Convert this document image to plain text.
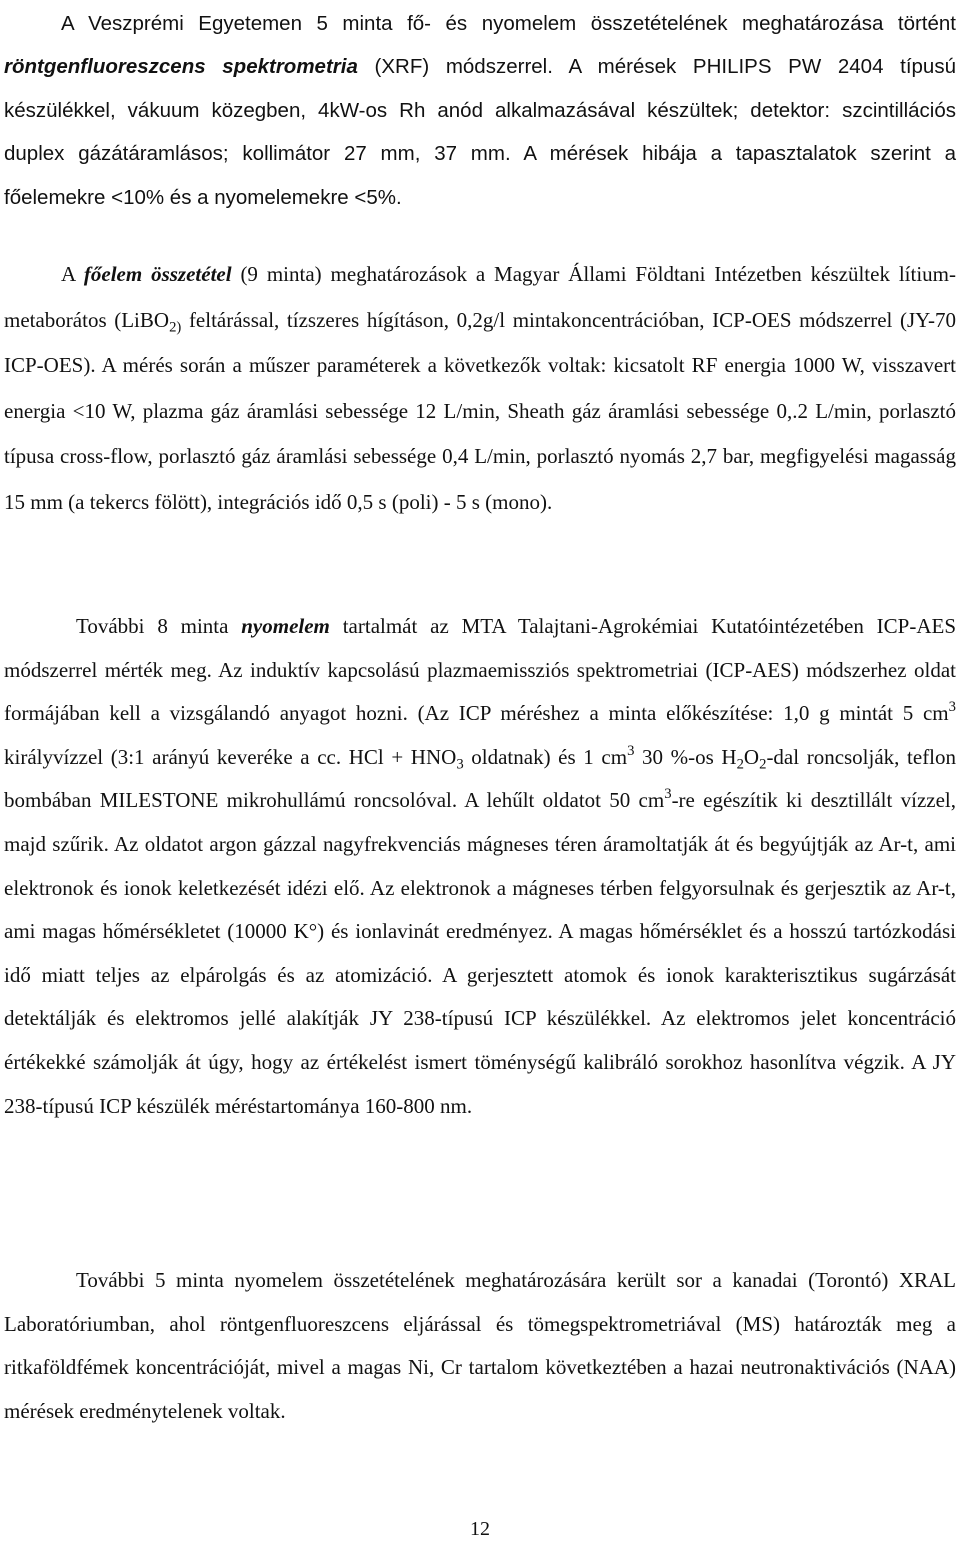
A Veszprémi Egyetemen 5 minta fő- és nyomelem összetételének meghatározása történt röntgenfluoreszcens spektrometria (XRF) módszerrel. A mérések PHILIPS PW 2404 típusú készülékkel, vákuum közegben, 4kW-os Rh anód alkalmazásával készültek; detektor: szcintillációs duplex gázátáramlásos; kollimátor 27 mm, 37 mm. A mérések hibája a tapasztalatok szerint a főelemekre <10% és a nyomelemekre <5%.

A főelem összetétel (9 minta) meghatározások a Magyar Állami Földtani Intézetben készültek lítium-metaborátos (LiBO$_{2)}$ feltárással, tízszeres hígításon, 0,2g/l mintakoncentrációban, ICP-OES módszerrel (JY-70 ICP-OES). A mérés során a műszer paraméterek a következők voltak: kicsatolt RF energia 1000 W, visszavert energia <10 W, plazma gáz áramlási sebessége 12 L/min, Sheath gáz áramlási sebessége 0,.2 L/min, porlasztó típusa cross-flow, porlasztó gáz áramlási sebessége 0,4 L/min, porlasztó nyomás 2,7 bar, megfigyelési magasság 15 mm (a tekercs fölött), integrációs idő 0,5 s (poli) - 5 s (mono).

További 8 minta nyomelem tartalmát az MTA Talajtani-Agrokémiai Kutatóintézetében ICP-AES módszerrel mérték meg. Az induktív kapcsolású plazmaemissziós spektrometriai (ICP-AES) módszerhez oldat formájában kell a vizsgálandó anyagot hozni. (Az ICP méréshez a minta előkészítése: 1,0 g mintát 5 $cm^3$ királyvízzel (3:1 arányú keveréke a cc. HCl + $HNO_3$ oldatnak) és 1 $cm^3$ 30 %-os $H_2O_2$-dal roncsolják, teflon bombában MILESTONE mikrohullámú roncsolóval. A lehűlt oldatot 50 $cm^3-re$ egészítik ki desztillált vízzel, majd szűrik. Az oldatot argon gázzal nagyfrekvenciás mágneses téren áramoltatják át és begyújtják az Ar-t, ami elektronok és ionok keletkezését idézi elő. Az elektronok a mágneses térben felgyorsulnak és gerjesztik az Ar-t, ami magas hőmérsékletet (10000 K°) és ionlavinát eredményez. A magas hőmérséklet és a hosszú tartózkodási idő miatt teljes az elpárolgás és az atomizáció. A gerjesztett atomok és ionok karakterisztikus sugárzását detektálják és elektromos jellé alakítják JY 238-típusú ICP készülékkel. Az elektromos jelet koncentráció értékekké számolják át úgy, hogy az értékelést ismert töménységű kalibráló sorokhoz hasonlítva végzik. A JY 238-típusú ICP készülék méréstartománya 160-800 nm.

További 5 minta nyomelem összetételének meghatározására került sor a kanadai (Torontó) XRAL Laboratóriumban, ahol röntgenfluoreszcens eljárással és tömegspektrometriával (MS) határozták meg a ritkaföldfémek koncentrációját, mivel a magas Ni, Cr tartalom következtében a hazai neutronaktivációs (NAA) mérések eredménytelenek voltak.

12
